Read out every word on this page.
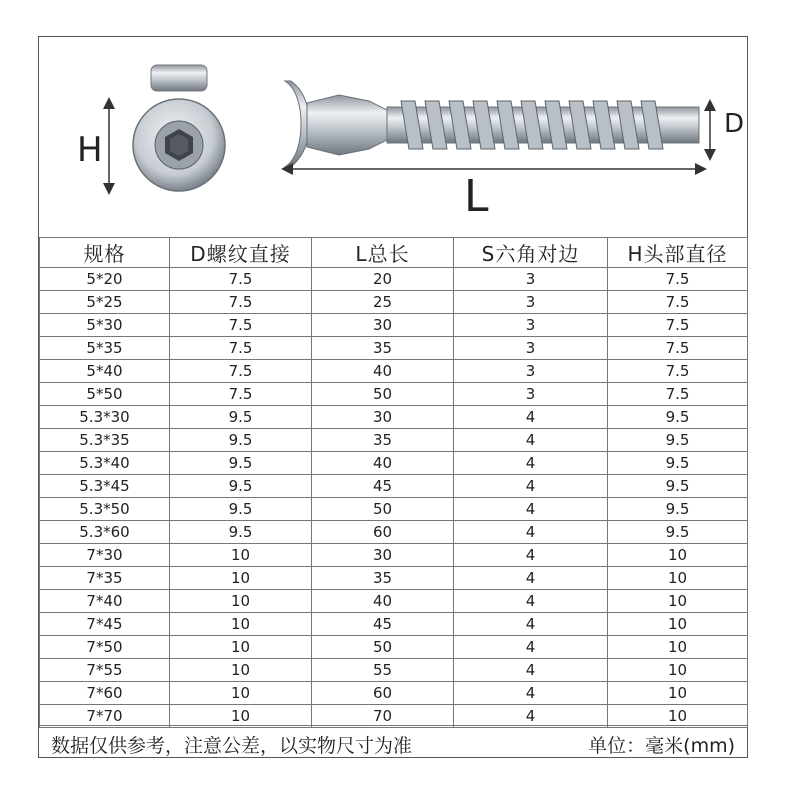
H
D
L
规格	D螺纹直接	L总长	S六角对边	H头部直径
5*20	7.5	20	3	7.5
5*25	7.5	25	3	7.5
5*30	7.5	30	3	7.5
5*35	7.5	35	3	7.5
5*40	7.5	40	3	7.5
5*50	7.5	50	3	7.5
5.3*30	9.5	30	4	9.5
5.3*35	9.5	35	4	9.5
5.3*40	9.5	40	4	9.5
5.3*45	9.5	45	4	9.5
5.3*50	9.5	50	4	9.5
5.3*60	9.5	60	4	9.5
7*30	10	30	4	10
7*35	10	35	4	10
7*40	10	40	4	10
7*45	10	45	4	10
7*50	10	50	4	10
7*55	10	55	4	10
7*60	10	60	4	10
7*70	10	70	4	10
数据仅供参考，注意公差，以实物尺寸为准	单位：毫米(mm)
